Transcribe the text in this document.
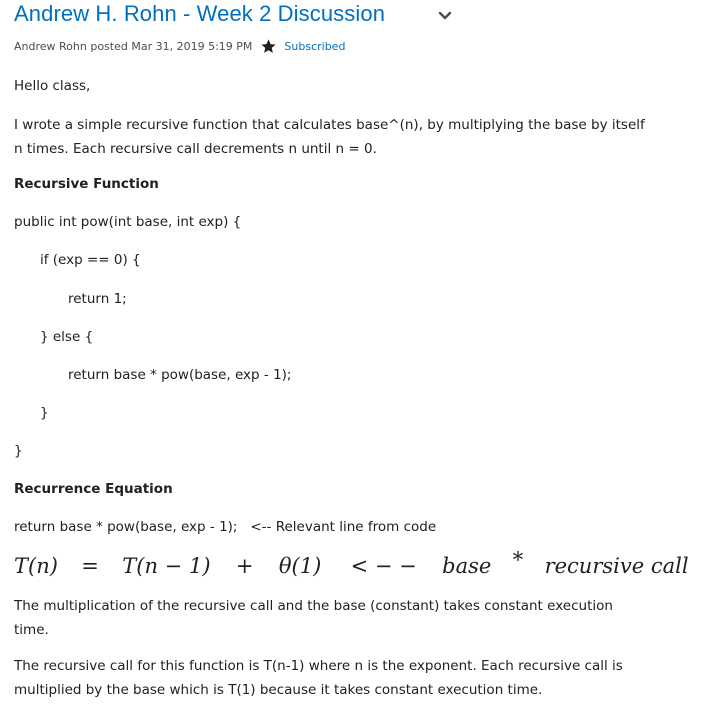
Andrew H. Rohn - Week 2 Discussion
Andrew Rohn posted Mar 31, 2019 5:19 PM	Subscribed
Hello class,
I wrote a simple recursive function that calculates base^(n), by multiplying the base by itself n times. Each recursive call decrements n until n = 0.
Recursive Function
public int pow(int base, int exp) {
if (exp == 0) {
return 1;
} else {
return base * pow(base, exp - 1);
}
}
Recurrence Equation
return base * pow(base, exp - 1);   <-- Relevant line from code
T(n) = T(n − 1) + θ(1) < − − base * recursive call
The multiplication of the recursive call and the base (constant) takes constant execution time.
The recursive call for this function is T(n-1) where n is the exponent. Each recursive call is multiplied by the base which is T(1) because it takes constant execution time.
